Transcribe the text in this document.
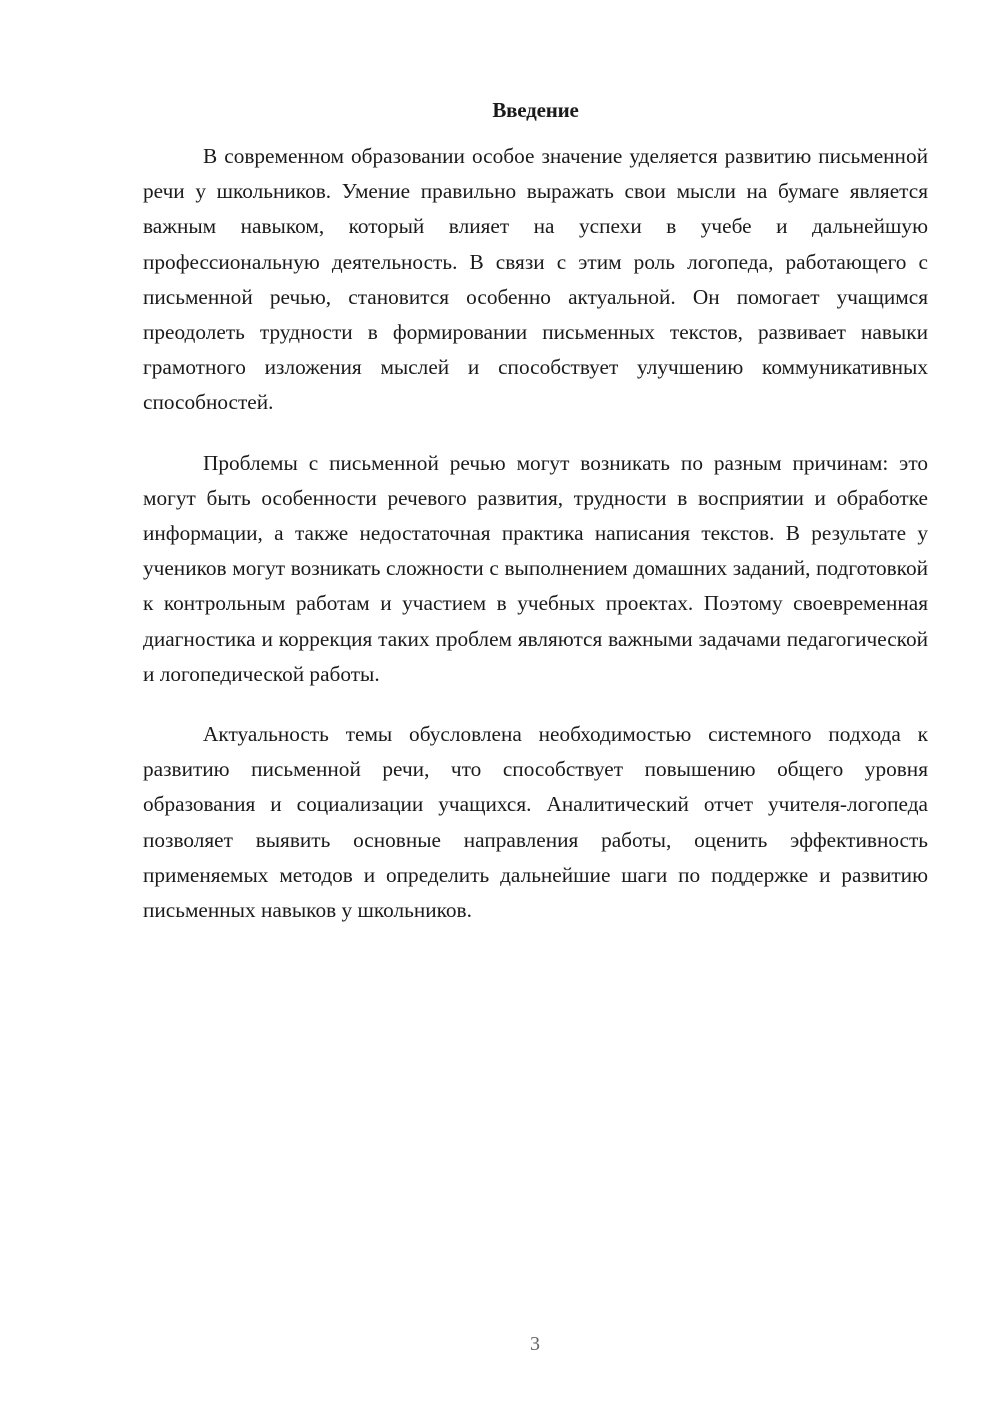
Введение

В современном образовании особое значение уделяется развитию письменной речи у школьников. Умение правильно выражать свои мысли на бумаге является важным навыком, который влияет на успехи в учебе и дальнейшую профессиональную деятельность. В связи с этим роль логопеда, работающего с письменной речью, становится особенно актуальной. Он помогает учащимся преодолеть трудности в формировании письменных текстов, развивает навыки грамотного изложения мыслей и способствует улучшению коммуникативных способностей.

Проблемы с письменной речью могут возникать по разным причинам: это могут быть особенности речевого развития, трудности в восприятии и обработке информации, а также недостаточная практика написания текстов. В результате у учеников могут возникать сложности с выполнением домашних заданий, подготовкой к контрольным работам и участием в учебных проектах. Поэтому своевременная диагностика и коррекция таких проблем являются важными задачами педагогической и логопедической работы.

Актуальность темы обусловлена необходимостью системного подхода к развитию письменной речи, что способствует повышению общего уровня образования и социализации учащихся. Аналитический отчет учителя-логопеда позволяет выявить основные направления работы, оценить эффективность применяемых методов и определить дальнейшие шаги по поддержке и развитию письменных навыков у школьников.

3
